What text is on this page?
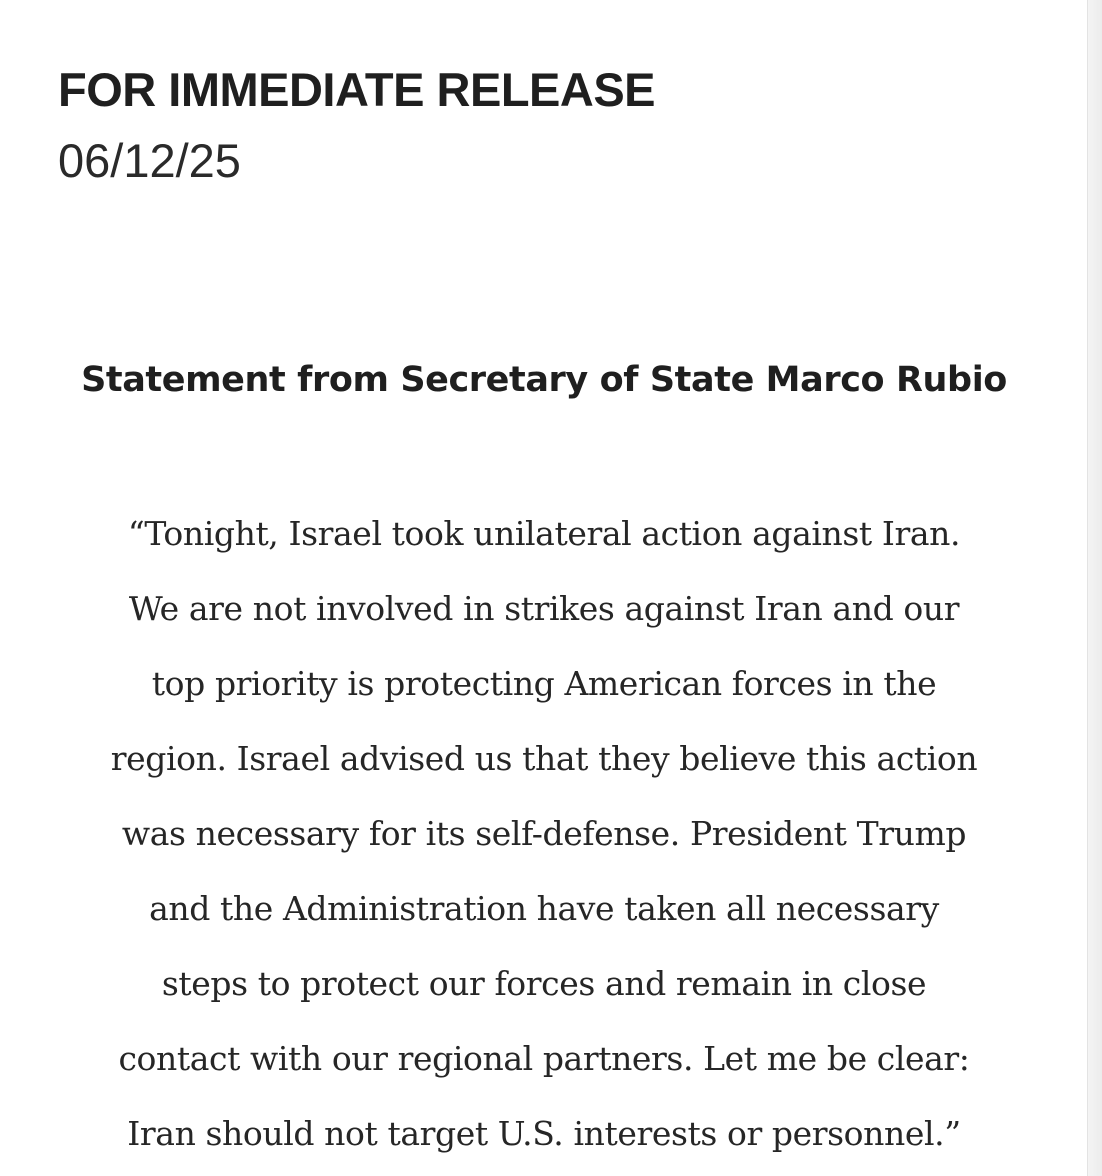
FOR IMMEDIATE RELEASE
06/12/25
Statement from Secretary of State Marco Rubio
“Tonight, Israel took unilateral action against Iran.
We are not involved in strikes against Iran and our
top priority is protecting American forces in the
region. Israel advised us that they believe this action
was necessary for its self-defense. President Trump
and the Administration have taken all necessary
steps to protect our forces and remain in close
contact with our regional partners. Let me be clear:
Iran should not target U.S. interests or personnel.”
